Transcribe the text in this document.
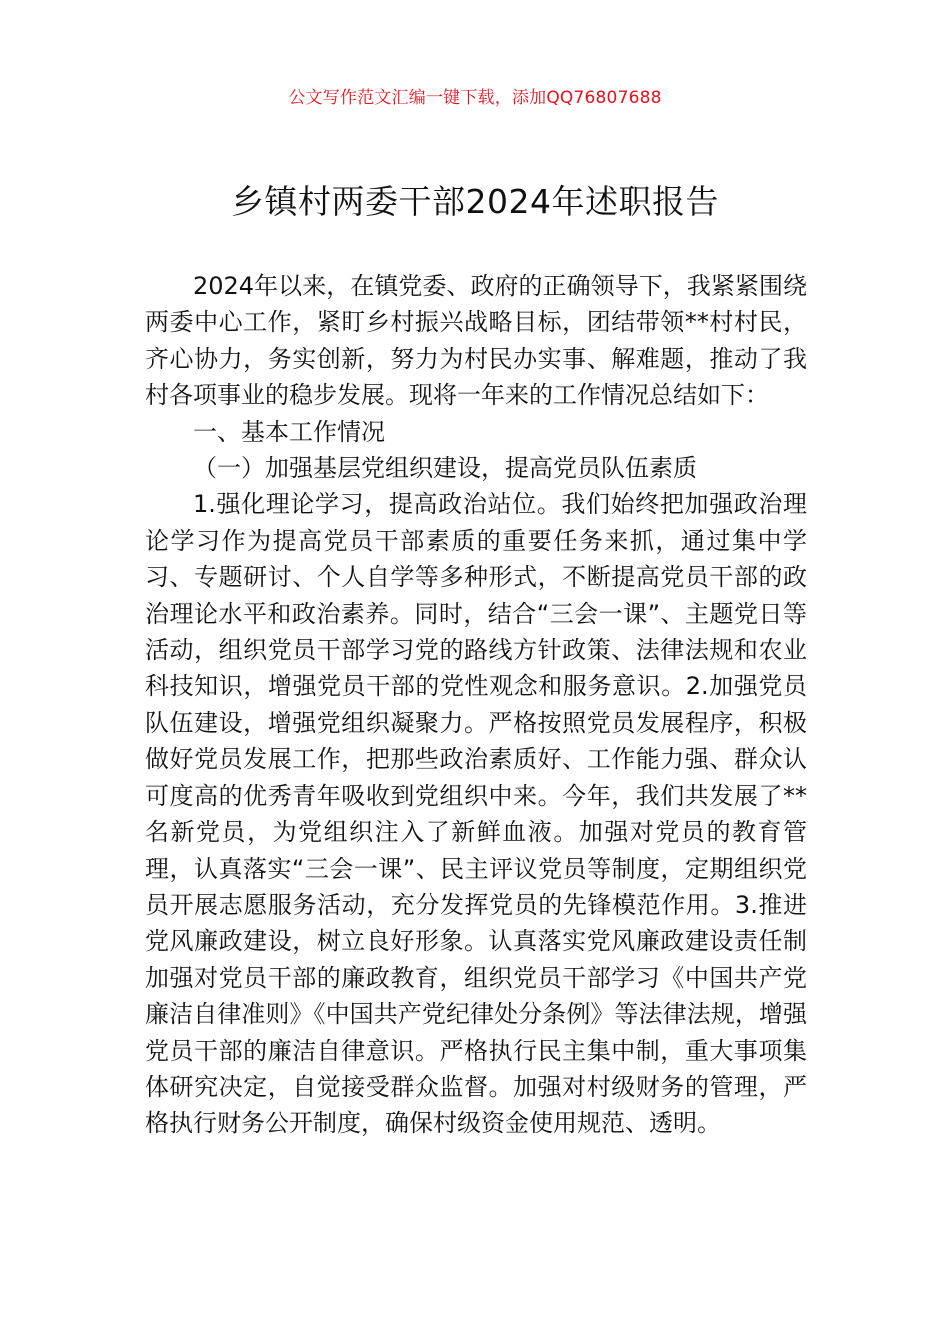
公文写作范文汇编一键下载，添加QQ76807688
乡镇村两委干部2024年述职报告

2024年以来，在镇党委、政府的正确领导下，我紧紧围绕两委中心工作，紧盯乡村振兴战略目标，团结带领**村村民，齐心协力，务实创新，努力为村民办实事、解难题，推动了我村各项事业的稳步发展。现将一年来的工作情况总结如下：

一、基本工作情况

（一）加强基层党组织建设，提高党员队伍素质

1.强化理论学习，提高政治站位。我们始终把加强政治理论学习作为提高党员干部素质的重要任务来抓，通过集中学习、专题研讨、个人自学等多种形式，不断提高党员干部的政治理论水平和政治素养。同时，结合“三会一课”、主题党日等活动，组织党员干部学习党的路线方针政策、法律法规和农业科技知识，增强党员干部的党性观念和服务意识。2.加强党员队伍建设，增强党组织凝聚力。严格按照党员发展程序，积极做好党员发展工作，把那些政治素质好、工作能力强、群众认可度高的优秀青年吸收到党组织中来。今年，我们共发展了**名新党员，为党组织注入了新鲜血液。加强对党员的教育管理，认真落实“三会一课”、民主评议党员等制度，定期组织党员开展志愿服务活动，充分发挥党员的先锋模范作用。3.推进党风廉政建设，树立良好形象。认真落实党风廉政建设责任制加强对党员干部的廉政教育，组织党员干部学习《中国共产党廉洁自律准则》《中国共产党纪律处分条例》等法律法规，增强党员干部的廉洁自律意识。严格执行民主集中制，重大事项集体研究决定，自觉接受群众监督。加强对村级财务的管理，严格执行财务公开制度，确保村级资金使用规范、透明。
